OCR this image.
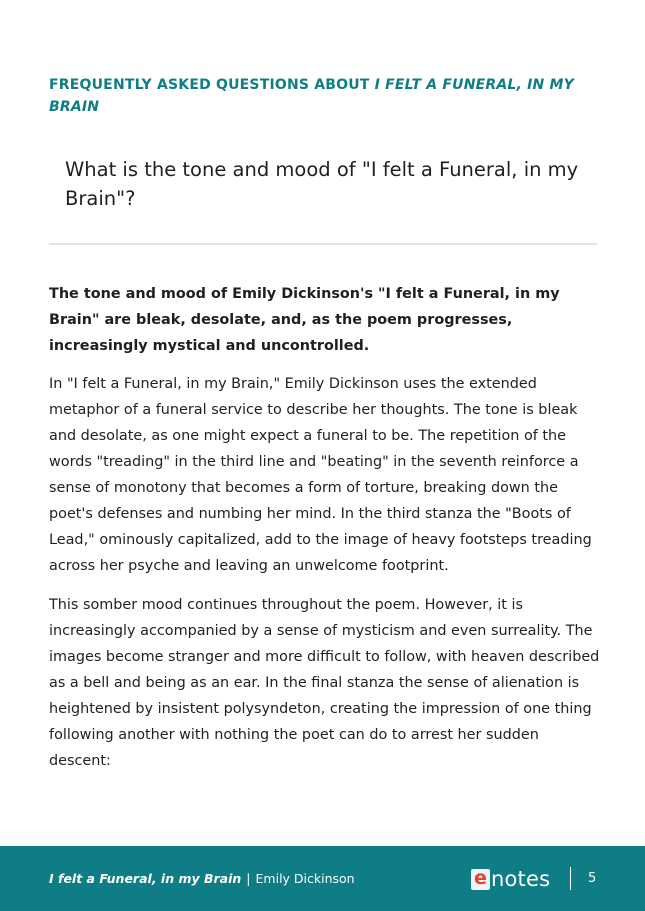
FREQUENTLY ASKED QUESTIONS ABOUT I FELT A FUNERAL, IN MY BRAIN
What is the tone and mood of "I felt a Funeral, in my Brain"?

The tone and mood of Emily Dickinson's "I felt a Funeral, in my Brain" are bleak, desolate, and, as the poem progresses, increasingly mystical and uncontrolled.

In "I felt a Funeral, in my Brain," Emily Dickinson uses the extended metaphor of a funeral service to describe her thoughts. The tone is bleak and desolate, as one might expect a funeral to be. The repetition of the words "treading" in the third line and "beating" in the seventh reinforce a sense of monotony that becomes a form of torture, breaking down the poet's defenses and numbing her mind. In the third stanza the "Boots of Lead," ominously capitalized, add to the image of heavy footsteps treading across her psyche and leaving an unwelcome footprint.

This somber mood continues throughout the poem. However, it is increasingly accompanied by a sense of mysticism and even surreality. The images become stranger and more difficult to follow, with heaven described as a bell and being as an ear. In the final stanza the sense of alienation is heightened by insistent polysyndeton, creating the impression of one thing following another with nothing the poet can do to arrest her sudden descent:

I felt a Funeral, in my Brain | Emily Dickinson	e notes	5
